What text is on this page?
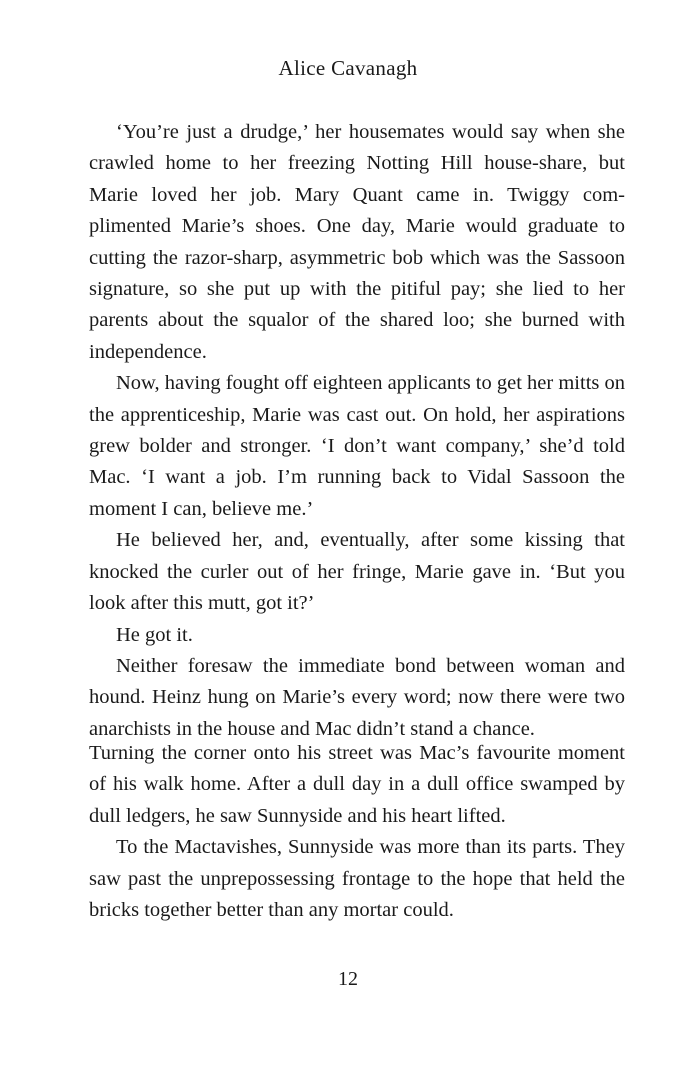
Alice Cavanagh

‘You’re just a drudge,’ her housemates would say when she crawled home to her freezing Notting Hill house-share, but Marie loved her job. Mary Quant came in. Twiggy complimented Marie’s shoes. One day, Marie would graduate to cutting the razor-sharp, asymmetric bob which was the Sassoon signature, so she put up with the pitiful pay; she lied to her parents about the squalor of the shared loo; she burned with independence.

Now, having fought off eighteen applicants to get her mitts on the apprenticeship, Marie was cast out. On hold, her aspirations grew bolder and stronger. ‘I don’t want company,’ she’d told Mac. ‘I want a job. I’m running back to Vidal Sassoon the moment I can, believe me.’

He believed her, and, eventually, after some kissing that knocked the curler out of her fringe, Marie gave in. ‘But you look after this mutt, got it?’

He got it.

Neither foresaw the immediate bond between woman and hound. Heinz hung on Marie’s every word; now there were two anarchists in the house and Mac didn’t stand a chance.

Turning the corner onto his street was Mac’s favourite moment of his walk home. After a dull day in a dull office swamped by dull ledgers, he saw Sunnyside and his heart lifted.

To the Mactavishes, Sunnyside was more than its parts. They saw past the unprepossessing frontage to the hope that held the bricks together better than any mortar could.

12
